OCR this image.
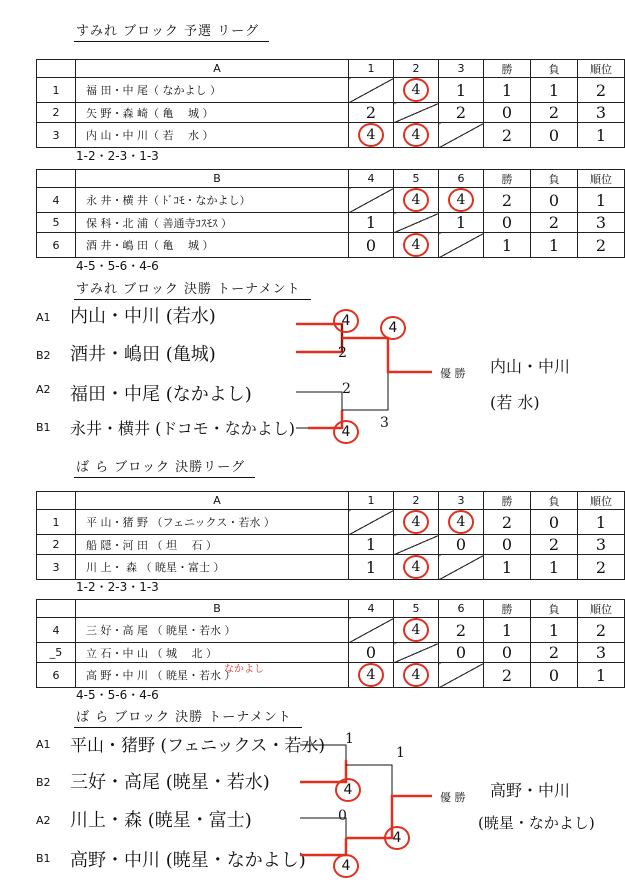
すみれ ブロック 予選 リーグ
	A	1	2	3	勝	負	順位
1	福 田・中 尾（ なかよし ）		4	1	1	1	2
2	矢 野・森 崎（ 亀　 城 ）	2		2	0	2	3
3	内 山・中 川（ 若　 水 ）	4	4		2	0	1
1-2・2-3・1-3
	B	4	5	6	勝	負	順位
4	永 井・横 井（ ﾄﾞｺﾓ・なかよし）		4	4	2	0	1
5	保 科・北 浦（ 善通寺ｺｽﾓｽ ）	1		1	0	2	3
6	酒 井・嶋 田（ 亀　 城 ）	0	4		1	1	2
4-5・5-6・4-6
すみれ ブロック 決勝 トーナメント
A1 内山・中川 (若水)
B2 酒井・嶋田 (亀城)
A2 福田・中尾 (なかよし)
B1 永井・横井 (ドコモ・なかよし)
4
2
2
4
4
3
優 勝 内山・中川
(若 水)
ば ら ブロック 決勝リーグ
	A	1	2	3	勝	負	順位
1	平 山・猪 野 （フェニックス・若水 ）		4	4	2	0	1
2	船 隠・河 田 （ 坦　 石 ）	1		0	0	2	3
3	川 上・ 森 （ 暁星・富士 ）	1	4		1	1	2
1-2・2-3・1-3
	B	4	5	6	勝	負	順位
4	三 好・高 尾 （ 暁星・若水 ）		4	2	1	1	2
_5	立 石・中 山 （ 城　 北 ）	0		0	0	2	3
6	高 野・中 川 （ 暁星・若水 ）	4	4		2	0	1
なかよし
4-5・5-6・4-6
ば ら ブロック 決勝 トーナメント
A1 平山・猪野 (フェニックス・若水)
B2 三好・高尾 (暁星・若水)
A2 川上・森 (暁星・富士)
B1 高野・中川 (暁星・なかよし)
1
4
0
4
1
4
優 勝 高野・中川
(暁星・なかよし)
